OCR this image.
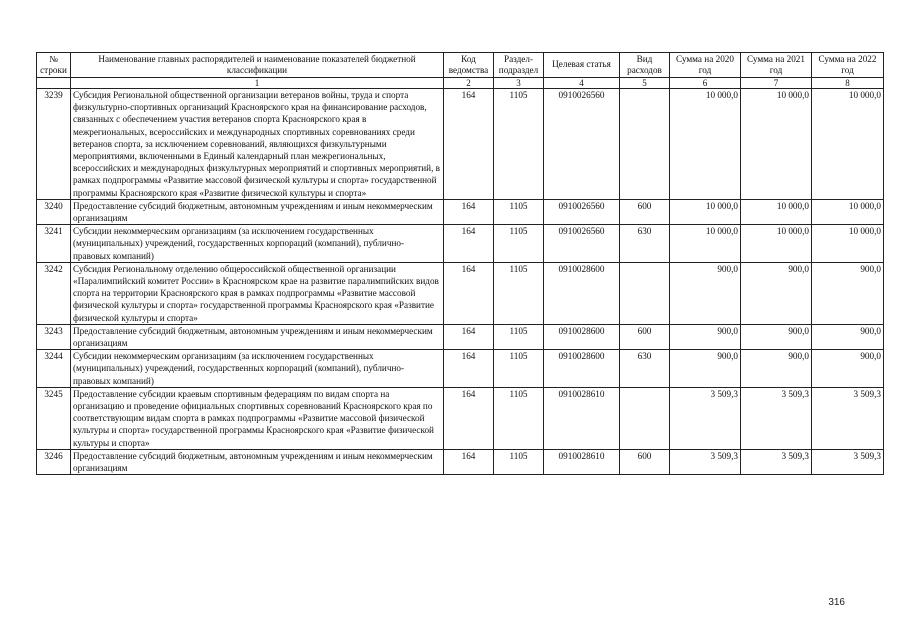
№ строки	Наименование главных распорядителей и наименование показателей бюджетной классификации	Код ведомства	Раздел-подраздел	Целевая статья	Вид расходов	Сумма на 2020 год	Сумма на 2021 год	Сумма на 2022 год
	1	2	3	4	5	6	7	8
3239	Субсидия Региональной общественной организации ветеранов войны, труда и спорта физкультурно-спортивных организаций Красноярского края на финансирование расходов, связанных с обеспечением участия ветеранов спорта Красноярского края в межрегиональных, всероссийских и международных спортивных соревнованиях среди ветеранов спорта, за исключением соревнований, являющихся физкультурными мероприятиями, включенными в Единый календарный план межрегиональных, всероссийских и международных физкультурных мероприятий и спортивных мероприятий, в рамках подпрограммы «Развитие массовой физической культуры и спорта» государственной программы Красноярского края «Развитие физической культуры и спорта»	164	1105	0910026560		10 000,0	10 000,0	10 000,0
3240	Предоставление субсидий бюджетным, автономным учреждениям и иным некоммерческим организациям	164	1105	0910026560	600	10 000,0	10 000,0	10 000,0
3241	Субсидии некоммерческим организациям (за исключением государственных (муниципальных) учреждений, государственных корпораций (компаний), публично-правовых компаний)	164	1105	0910026560	630	10 000,0	10 000,0	10 000,0
3242	Субсидия Региональному отделению общероссийской общественной организации «Паралимпийский комитет России» в Красноярском крае на развитие паралимпийских видов спорта на территории Красноярского края в рамках подпрограммы «Развитие массовой физической культуры и спорта» государственной программы Красноярского края «Развитие физической культуры и спорта»	164	1105	0910028600		900,0	900,0	900,0
3243	Предоставление субсидий бюджетным, автономным учреждениям и иным некоммерческим организациям	164	1105	0910028600	600	900,0	900,0	900,0
3244	Субсидии некоммерческим организациям (за исключением государственных (муниципальных) учреждений, государственных корпораций (компаний), публично-правовых компаний)	164	1105	0910028600	630	900,0	900,0	900,0
3245	Предоставление субсидии краевым спортивным федерациям по видам спорта на организацию и проведение официальных спортивных соревнований Красноярского края по соответствующим видам спорта в рамках подпрограммы «Развитие массовой физической культуры и спорта» государственной программы Красноярского края «Развитие физической культуры и спорта»	164	1105	0910028610		3 509,3	3 509,3	3 509,3
3246	Предоставление субсидий бюджетным, автономным учреждениям и иным некоммерческим организациям	164	1105	0910028610	600	3 509,3	3 509,3	3 509,3
316
